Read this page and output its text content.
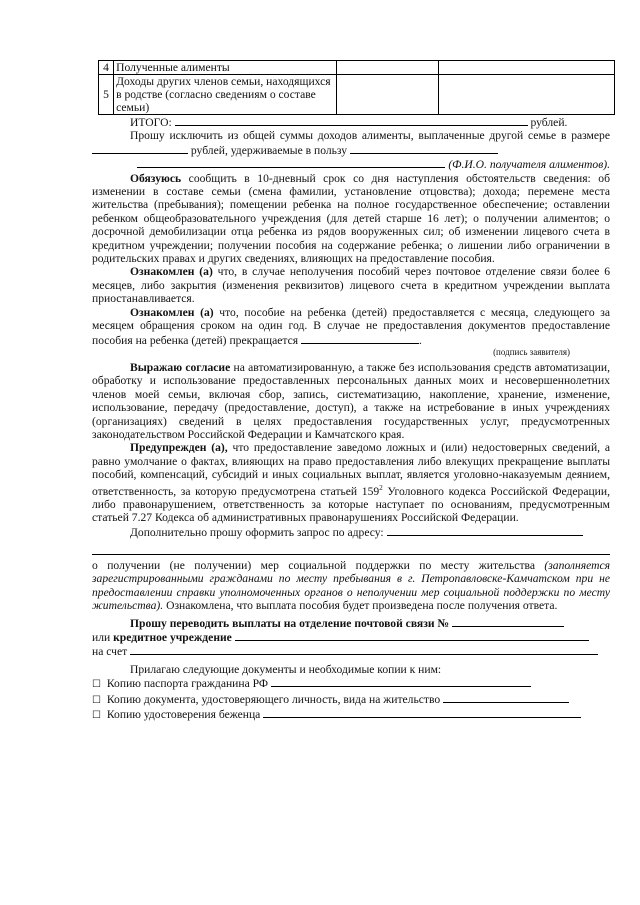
4	Полученные алименты		
5	Доходы других членов семьи, находящихся в родстве (согласно сведениям о составе семьи)		

ИТОГО:	рублей.

Прошу исключить из общей суммы доходов алименты, выплаченные другой семье в размере  рублей, удерживаемые в пользу

(Ф.И.О. получателя алиментов).

Обязуюсь сообщить в 10-дневный срок со дня наступления обстоятельств сведения: об изменении в составе семьи (смена фамилии, установление отцовства); дохода; перемене места жительства (пребывания); помещении ребенка на полное государственное обеспечение; оставлении ребенком общеобразовательного учреждения (для детей старше 16 лет); о получении алиментов; о досрочной демобилизации отца ребенка из рядов вооруженных сил; об изменении лицевого счета в кредитном учреждении; получении пособия на содержание ребенка; о лишении либо ограничении в родительских правах и других сведениях, влияющих на предоставление пособия.

Ознакомлен (а) что, в случае неполучения пособий через почтовое отделение связи более 6 месяцев, либо закрытия (изменения реквизитов) лицевого счета в кредитном учреждении выплата приостанавливается.

Ознакомлен (а) что, пособие на ребенка (детей) предоставляется с месяца, следующего за месяцем обращения сроком на один год. В случае не предоставления документов предоставление пособия на ребенка (детей) прекращается	.

(подпись заявителя)

Выражаю согласие на автоматизированную, а также без использования средств автоматизации, обработку и использование предоставленных персональных данных моих и несовершеннолетних членов моей семьи, включая сбор, запись, систематизацию, накопление, хранение, изменение, использование, передачу (предоставление, доступ), а также на истребование в иных учреждениях (организациях) сведений в целях предоставления государственных услуг, предусмотренных законодательством Российской Федерации и Камчатского края.

Предупрежден (а), что предоставление заведомо ложных и (или) недостоверных сведений, а равно умолчание о фактах, влияющих на право предоставления либо влекущих прекращение выплаты пособий, компенсаций, субсидий и иных социальных выплат, является уголовно-наказуемым деянием, ответственность, за которую предусмотрена статьей $159^2$ Уголовного кодекса Российской Федерации, либо правонарушением, ответственность за которые наступает по основаниям, предусмотренным статьей 7.27 Кодекса об административных правонарушениях Российской Федерации.

Дополнительно прошу оформить запрос по адресу:

о получении (не получении) мер социальной поддержки по месту жительства (заполняется зарегистрированными гражданами по месту пребывания в г. Петропавловске-Камчатском при не предоставлении справки уполномоченных органов о неполучении мер социальной поддержки по месту жительства). Ознакомлена, что выплата пособия будет произведена после получения ответа.

Прошу переводить выплаты на отделение почтовой связи №

или кредитное учреждение

на счет

Прилагаю следующие документы и необходимые копии к ним:

☐ Копию паспорта гражданина РФ

☐ Копию документа, удостоверяющего личность, вида на жительство

☐ Копию удостоверения беженца
